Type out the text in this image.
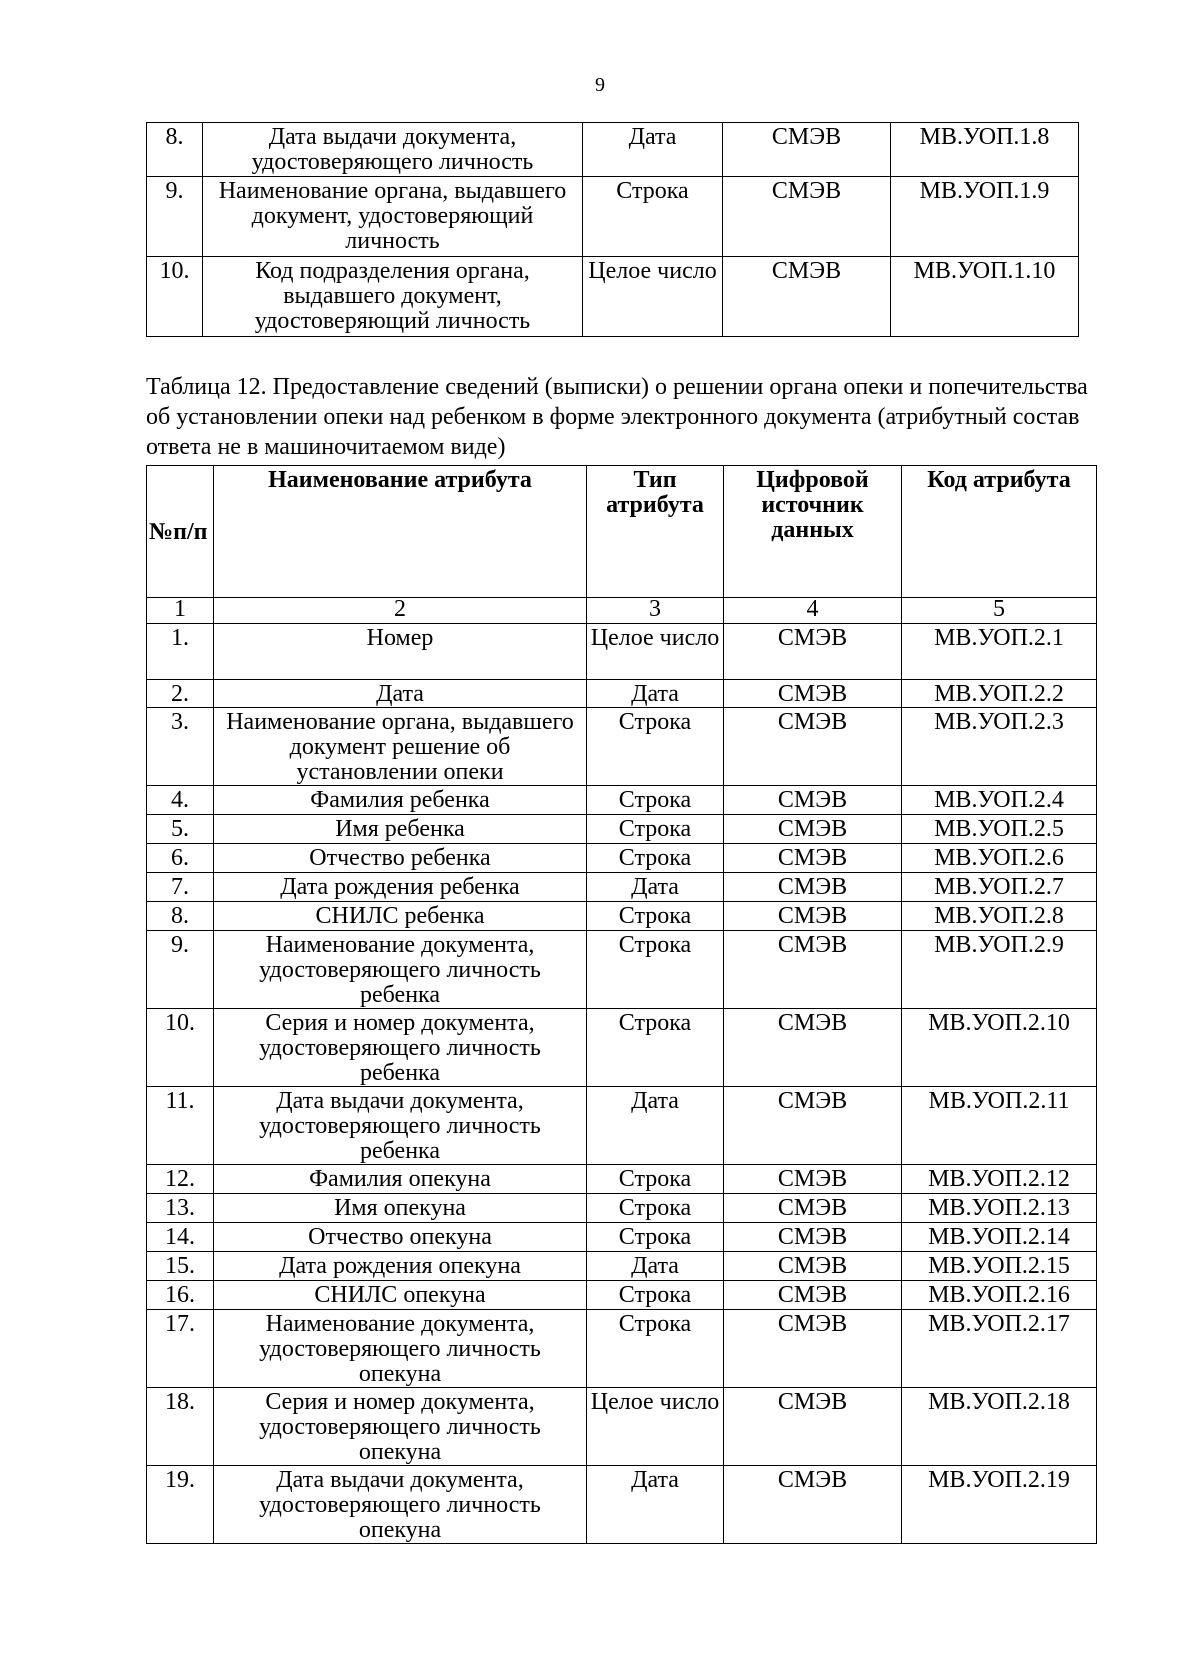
9
8.	Дата выдачи документа, удостоверяющего личность	Дата	СМЭВ	МВ.УОП.1.8
9.	Наименование органа, выдавшего документ, удостоверяющий личность	Строка	СМЭВ	МВ.УОП.1.9
10.	Код подразделения органа, выдавшего документ, удостоверяющий личность	Целое число	СМЭВ	МВ.УОП.1.10
Таблица 12. Предоставление сведений (выписки) о решении органа опеки и попечительства об установлении опеки над ребенком в форме электронного документа (атрибутный состав ответа не в машиночитаемом виде)
№п/п	Наименование атрибута	Тип атрибута	Цифровой источник данных	Код атрибута
1	2	3	4	5
1.	Номер	Целое число	СМЭВ	МВ.УОП.2.1
2.	Дата	Дата	СМЭВ	МВ.УОП.2.2
3.	Наименование органа, выдавшего документ решение об установлении опеки	Строка	СМЭВ	МВ.УОП.2.3
4.	Фамилия ребенка	Строка	СМЭВ	МВ.УОП.2.4
5.	Имя ребенка	Строка	СМЭВ	МВ.УОП.2.5
6.	Отчество ребенка	Строка	СМЭВ	МВ.УОП.2.6
7.	Дата рождения ребенка	Дата	СМЭВ	МВ.УОП.2.7
8.	СНИЛС ребенка	Строка	СМЭВ	МВ.УОП.2.8
9.	Наименование документа, удостоверяющего личность ребенка	Строка	СМЭВ	МВ.УОП.2.9
10.	Серия и номер документа, удостоверяющего личность ребенка	Строка	СМЭВ	МВ.УОП.2.10
11.	Дата выдачи документа, удостоверяющего личность ребенка	Дата	СМЭВ	МВ.УОП.2.11
12.	Фамилия опекуна	Строка	СМЭВ	МВ.УОП.2.12
13.	Имя опекуна	Строка	СМЭВ	МВ.УОП.2.13
14.	Отчество опекуна	Строка	СМЭВ	МВ.УОП.2.14
15.	Дата рождения опекуна	Дата	СМЭВ	МВ.УОП.2.15
16.	СНИЛС опекуна	Строка	СМЭВ	МВ.УОП.2.16
17.	Наименование документа, удостоверяющего личность опекуна	Строка	СМЭВ	МВ.УОП.2.17
18.	Серия и номер документа, удостоверяющего личность опекуна	Целое число	СМЭВ	МВ.УОП.2.18
19.	Дата выдачи документа, удостоверяющего личность опекуна	Дата	СМЭВ	МВ.УОП.2.19
